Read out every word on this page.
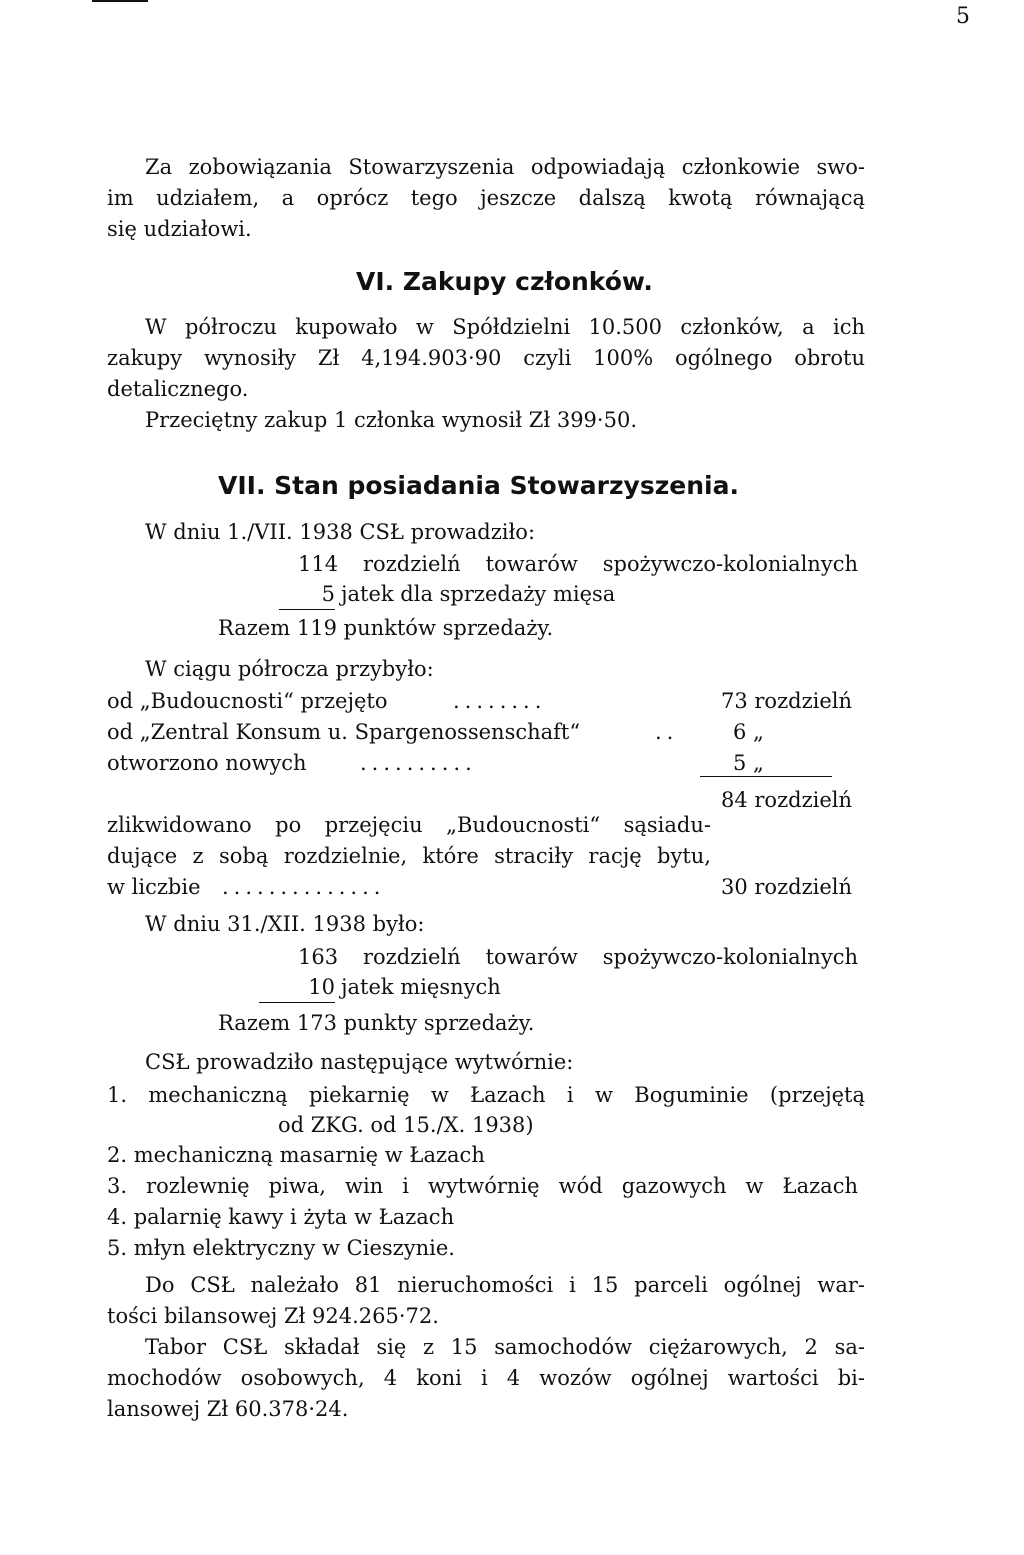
5
Za zobowiązania Stowarzyszenia odpowiadają członkowie swo-
im udziałem, a oprócz tego jeszcze dalszą kwotą równającą
się udziałowi.
VI. Zakupy członków.
W półroczu kupowało w Spółdzielni 10.500 członków, a ich
zakupy wynosiły Zł 4,194.903·90 czyli 100% ogólnego obrotu
detalicznego.
Przeciętny zakup 1 członka wynosił Zł 399·50.
VII. Stan posiadania Stowarzyszenia.
W dniu 1./VII. 1938 CSŁ prowadziło:
114 rozdzielń towarów spożywczo-kolonialnych
5 jatek dla sprzedaży mięsa
Razem 119 punktów sprzedaży.
W ciągu półrocza przybyło:
od „Budoucnosti“ przejęto	........	73 rozdzielń
od „Zentral Konsum u. Spargenossenschaft“	..	6 „
otworzono nowych	..........	5 „
84 rozdzielń
zlikwidowano po przejęciu „Budoucnosti“ sąsiadu-
dujące z sobą rozdzielnie, które straciły rację bytu,
w liczbie ..............	30 rozdzielń
W dniu 31./XII. 1938 było:
163 rozdzielń towarów spożywczo-kolonialnych
10 jatek mięsnych
Razem 173 punkty sprzedaży.
CSŁ prowadziło następujące wytwórnie:
1. mechaniczną piekarnię w Łazach i w Boguminie (przejętą
od ZKG. od 15./X. 1938)
2. mechaniczną masarnię w Łazach
3. rozlewnię piwa, win i wytwórnię wód gazowych w Łazach
4. palarnię kawy i żyta w Łazach
5. młyn elektryczny w Cieszynie.
Do CSŁ należało 81 nieruchomości i 15 parceli ogólnej war-
tości bilansowej Zł 924.265·72.
Tabor CSŁ składał się z 15 samochodów ciężarowych, 2 sa-
mochodów osobowych, 4 koni i 4 wozów ogólnej wartości bi-
lansowej Zł 60.378·24.
